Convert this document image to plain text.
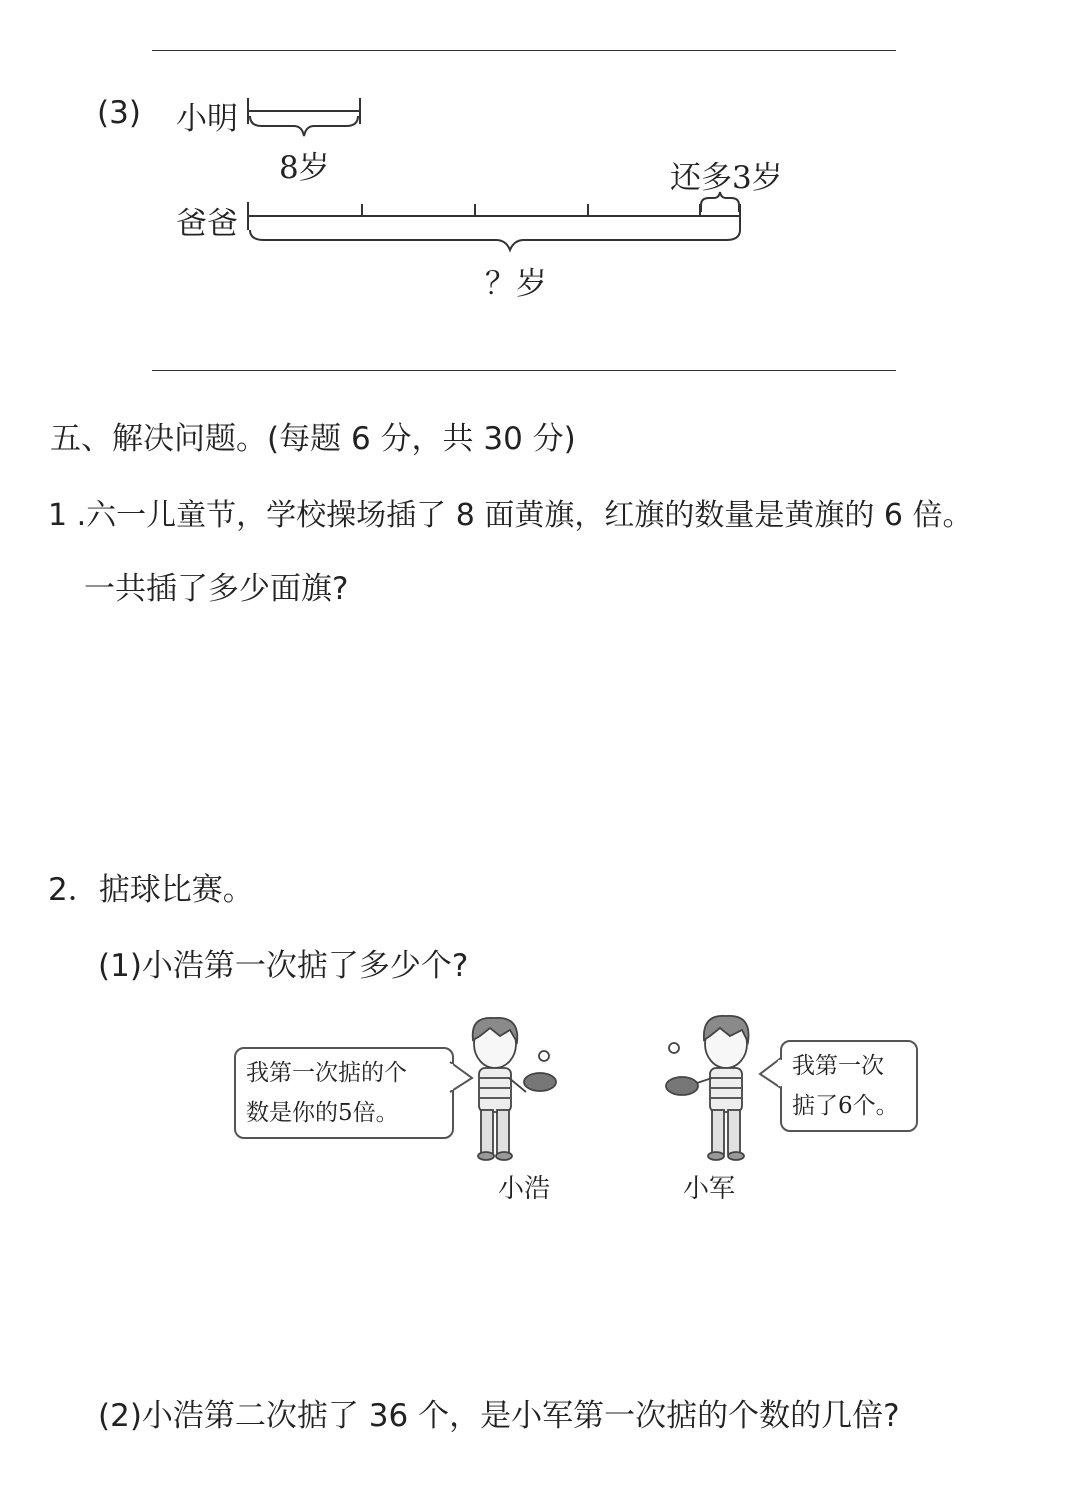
(3) 小明
8岁	还多3岁
爸爸
？岁
五、解决问题。(每题 6 分，共 30 分)
1 .六一儿童节，学校操场插了 8 面黄旗，红旗的数量是黄旗的 6 倍。
一共插了多少面旗?
2．掂球比赛。
(1)小浩第一次掂了多少个?
我第一次掂的个
数是你的5倍。
我第一次
掂了6个。
小浩	小军
(2)小浩第二次掂了 36 个，是小军第一次掂的个数的几倍?
